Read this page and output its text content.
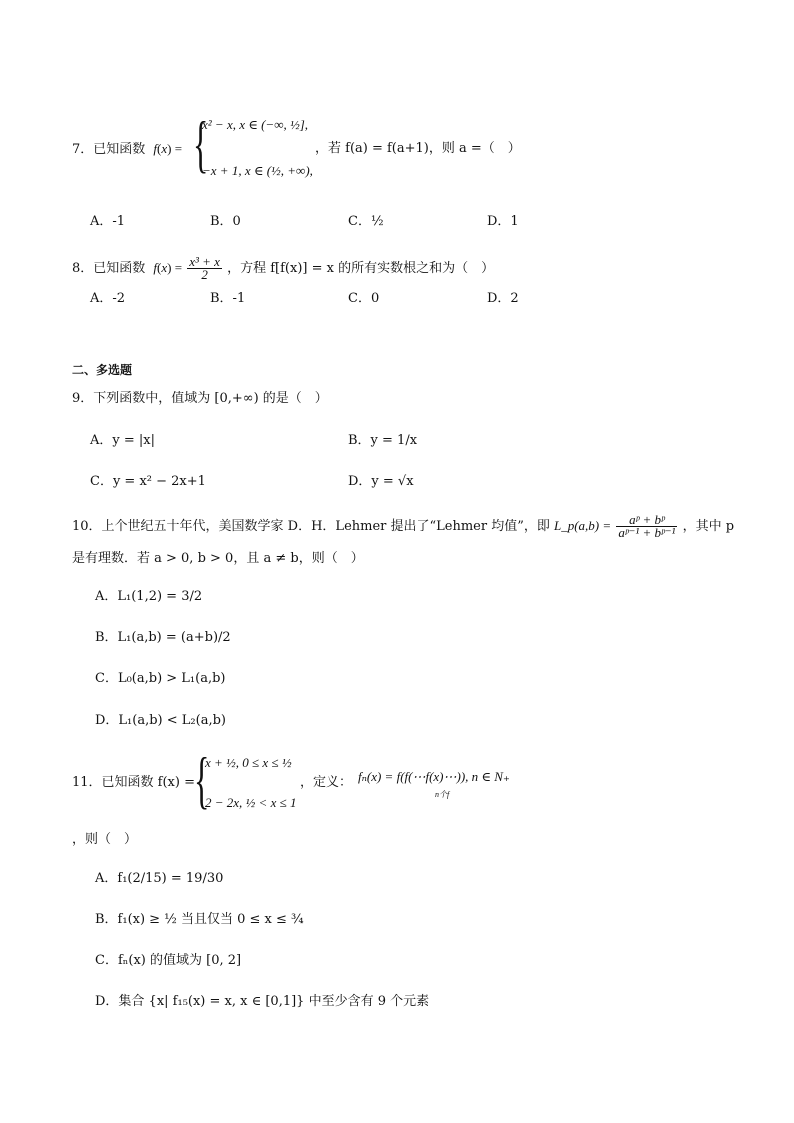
7．已知函数 f(x) = {
x² − x, x ∈ (−∞, ½],
−x + 1, x ∈ (½, +∞),
，若 f(a) = f(a+1)，则 a =（　）
A．-1	B．0	C．½	D．1
8．已知函数 $f(x) = \frac{\text{x³ + x}}{2}$ ，方程 f[f(x)] = x 的所有实数根之和为（　）
A．-2	B．-1	C．0	D．2
二、多选题
9．下列函数中，值域为 [0,+∞) 的是（　）
A．y = |x|	B．y = 1/x
C．y = x² − 2x+1	D．y = √x
10．上个世纪五十年代，美国数学家 D．H．Lehmer 提出了“Lehmer 均值”，即 L_p(a,b) = $\frac{\text{aᵖ + bᵖ}}{\text{aᵖ⁻¹ + bᵖ⁻¹}}$ ，其中 p
是有理数．若 a > 0, b > 0，且 a ≠ b，则（　）
A．L₁(1,2) = 3/2
B．L₁(a,b) = (a+b)/2
C．L₀(a,b) > L₁(a,b)
D．L₁(a,b) < L₂(a,b)
11．已知函数 f(x) = {
x + ½, 0 ≤ x ≤ ½
2 − 2x, ½ < x ≤ 1
，定义： fₙ(x) = f(f(⋯f(x)⋯)), n ∈ N₊
n个f
，则（　）
A．f₁(2/15) = 19/30
B．f₁(x) ≥ ½ 当且仅当 0 ≤ x ≤ ¾
C．fₙ(x) 的值域为 [0, 2]
D．集合 {x| f₁₅(x) = x, x ∈ [0,1]} 中至少含有 9 个元素
